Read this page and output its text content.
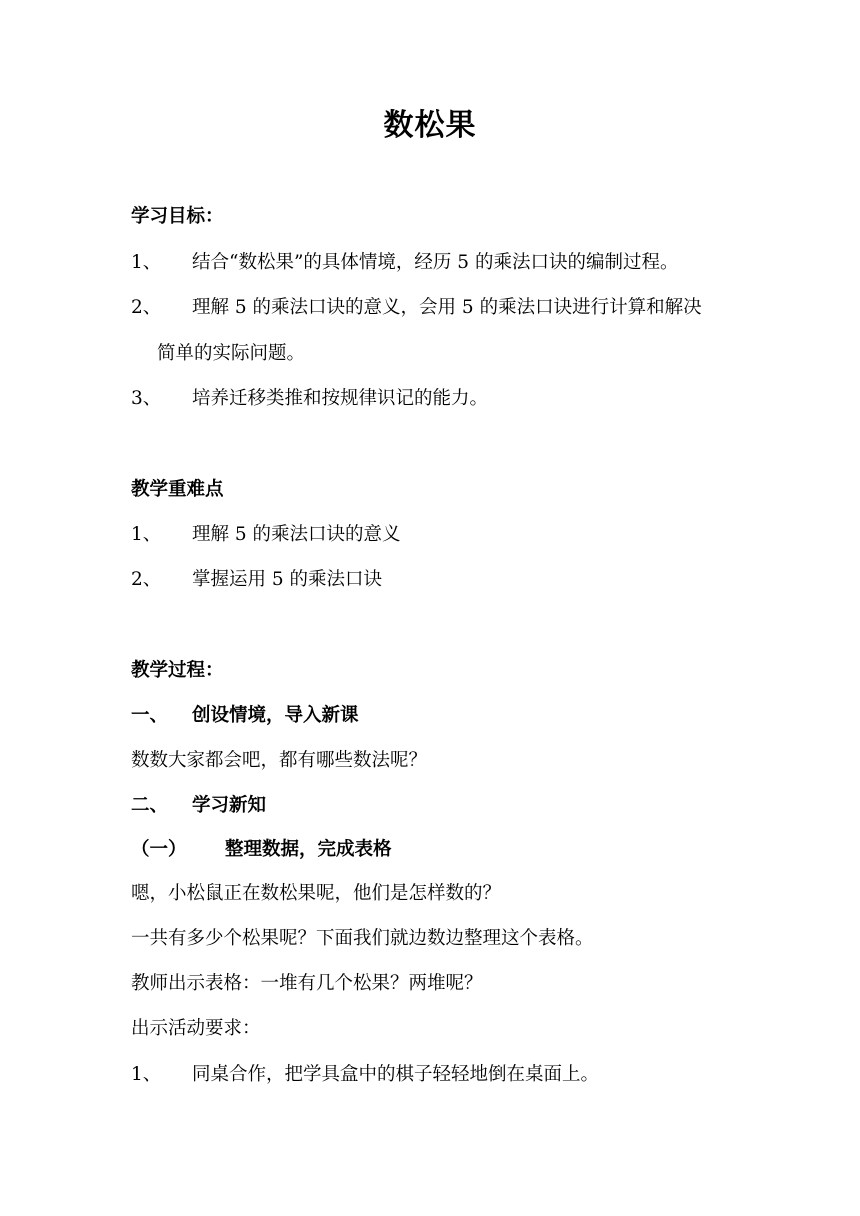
数松果
学习目标：
1、 结合“数松果”的具体情境，经历 5 的乘法口诀的编制过程。
2、 理解 5 的乘法口诀的意义，会用 5 的乘法口诀进行计算和解决
简单的实际问题。
3、 培养迁移类推和按规律识记的能力。
教学重难点
1、 理解 5 的乘法口诀的意义
2、 掌握运用 5 的乘法口诀
教学过程：
一、 创设情境，导入新课
数数大家都会吧，都有哪些数法呢？
二、 学习新知
（一） 整理数据，完成表格
嗯，小松鼠正在数松果呢，他们是怎样数的？
一共有多少个松果呢？下面我们就边数边整理这个表格。
教师出示表格：一堆有几个松果？两堆呢？
出示活动要求：
1、 同桌合作，把学具盒中的棋子轻轻地倒在桌面上。
